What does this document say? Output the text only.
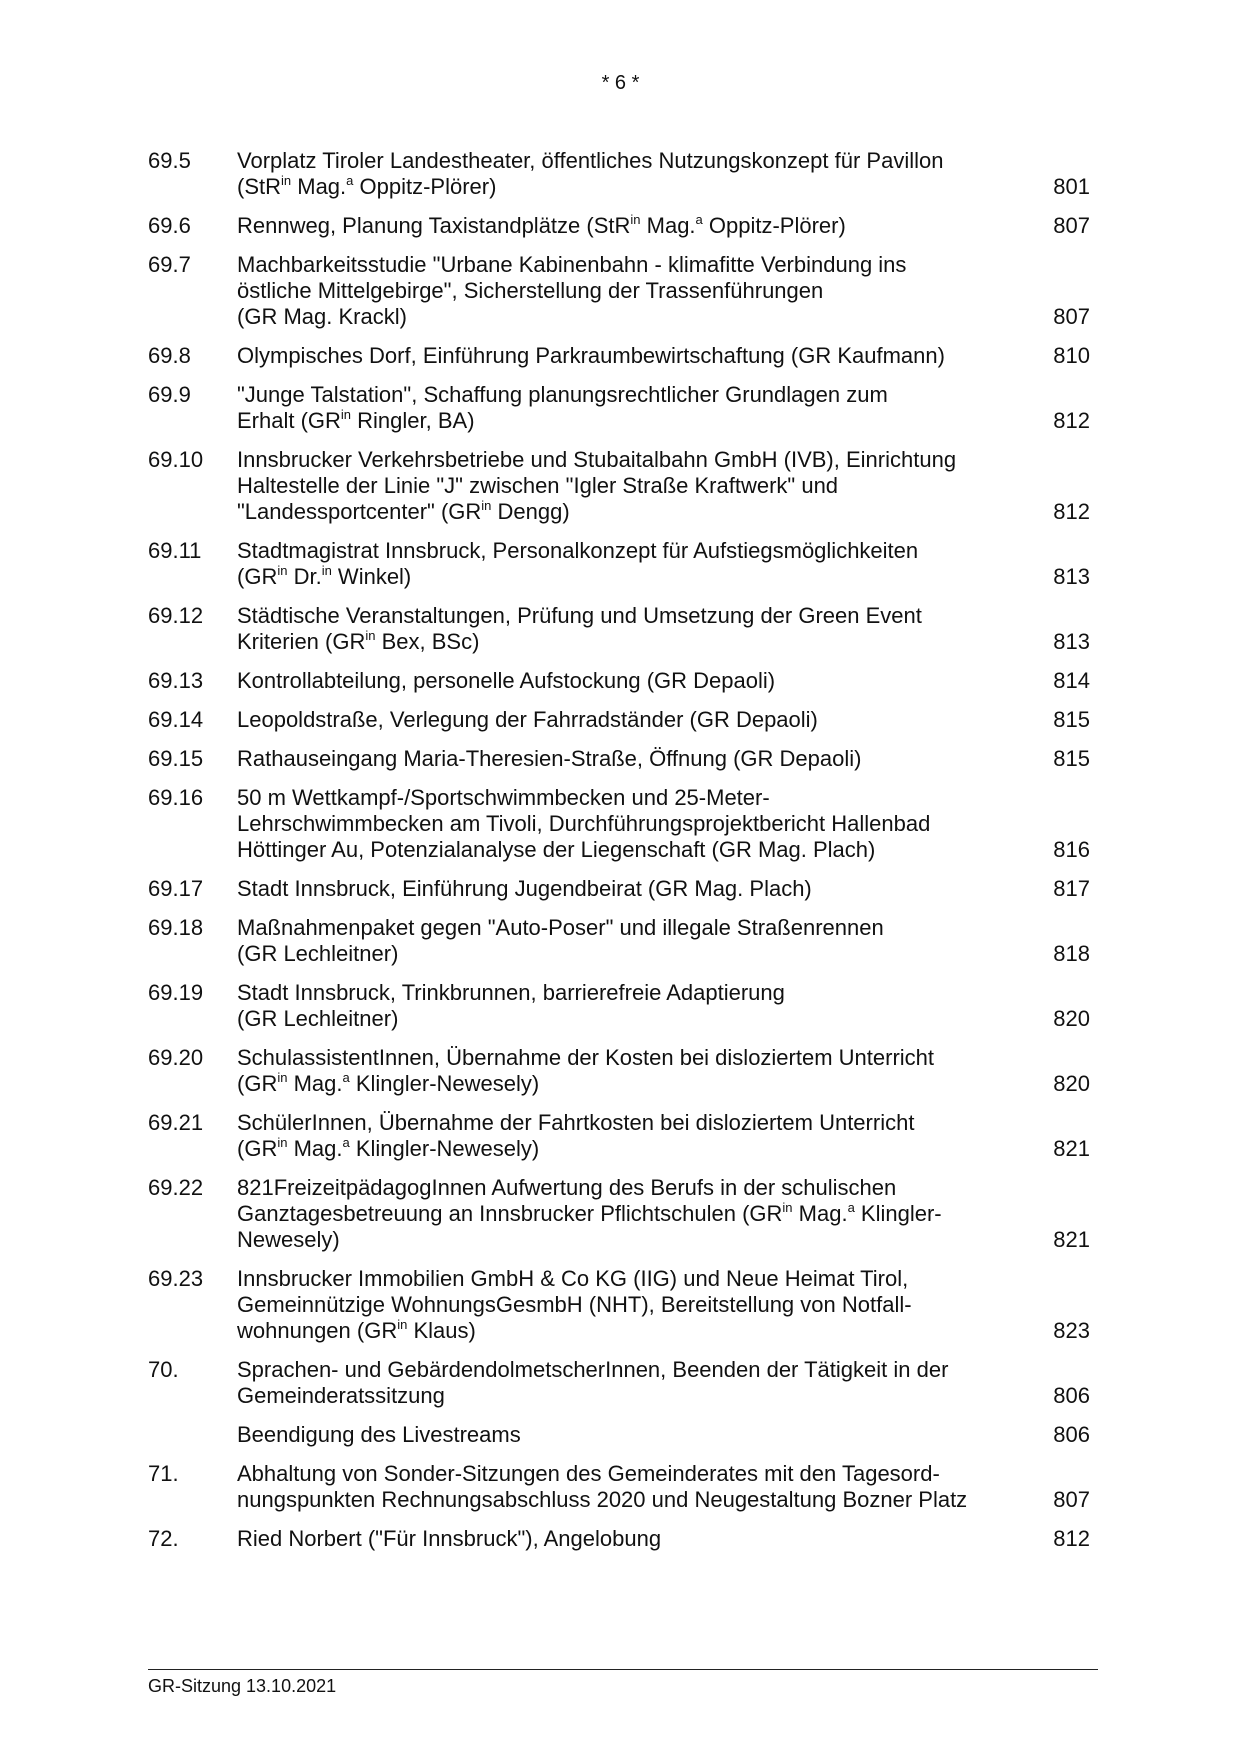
* 6 *
69.5	Vorplatz Tiroler Landestheater, öffentliches Nutzungskonzept für Pavillon
(StR$^{in}$ Mag.$^a$ Oppitz-Plörer)	801
69.6	Rennweg, Planung Taxistandplätze (StR$^{in}$ Mag.$^a$ Oppitz-Plörer)	807
69.7	Machbarkeitsstudie "Urbane Kabinenbahn - klimafitte Verbindung ins
östliche Mittelgebirge", Sicherstellung der Trassenführungen
(GR Mag. Krackl)	807
69.8	Olympisches Dorf, Einführung Parkraumbewirtschaftung (GR Kaufmann)	810
69.9	"Junge Talstation", Schaffung planungsrechtlicher Grundlagen zum
Erhalt ($GR^{in}$ Ringler, BA)	812
69.10	Innsbrucker Verkehrsbetriebe und Stubaitalbahn GmbH (IVB), Einrichtung
Haltestelle der Linie "J" zwischen "Igler Straße Kraftwerk" und
"Landessportcenter" ($GR^{in}$ Dengg)	812
69.11	Stadtmagistrat Innsbruck, Personalkonzept für Aufstiegsmöglichkeiten
($GR^{in}$ Dr.$^{in}$ Winkel)	813
69.12	Städtische Veranstaltungen, Prüfung und Umsetzung der Green Event
Kriterien ($GR^{in}$ Bex, BSc)	813
69.13	Kontrollabteilung, personelle Aufstockung (GR Depaoli)	814
69.14	Leopoldstraße, Verlegung der Fahrradständer (GR Depaoli)	815
69.15	Rathauseingang Maria-Theresien-Straße, Öffnung (GR Depaoli)	815
69.16	50 m Wettkampf-/Sportschwimmbecken und 25-Meter-
Lehrschwimmbecken am Tivoli, Durchführungsprojektbericht Hallenbad
Höttinger Au, Potenzialanalyse der Liegenschaft (GR Mag. Plach)	816
69.17	Stadt Innsbruck, Einführung Jugendbeirat (GR Mag. Plach)	817
69.18	Maßnahmenpaket gegen "Auto-Poser" und illegale Straßenrennen
(GR Lechleitner)	818
69.19	Stadt Innsbruck, Trinkbrunnen, barrierefreie Adaptierung
(GR Lechleitner)	820
69.20	SchulassistentInnen, Übernahme der Kosten bei disloziertem Unterricht
($GR^{in}$ Mag.$^a$ Klingler-Newesely)	820
69.21	SchülerInnen, Übernahme der Fahrtkosten bei disloziertem Unterricht
($GR^{in}$ Mag.$^a$ Klingler-Newesely)	821
69.22	821FreizeitpädagogInnen Aufwertung des Berufs in der schulischen
Ganztagesbetreuung an Innsbrucker Pflichtschulen ($GR^{in}$ Mag.$^a$ Klingler-
Newesely)	821
69.23	Innsbrucker Immobilien GmbH & Co KG (IIG) und Neue Heimat Tirol,
Gemeinnützige WohnungsGesmbH (NHT), Bereitstellung von Notfall-
wohnungen ($GR^{in}$ Klaus)	823
70.	Sprachen- und GebärdendolmetscherInnen, Beenden der Tätigkeit in der
Gemeinderatssitzung	806
Beendigung des Livestreams	806
71.	Abhaltung von Sonder-Sitzungen des Gemeinderates mit den Tagesord-
nungspunkten Rechnungsabschluss 2020 und Neugestaltung Bozner Platz	807
72.	Ried Norbert ("Für Innsbruck"), Angelobung	812
GR-Sitzung 13.10.2021
